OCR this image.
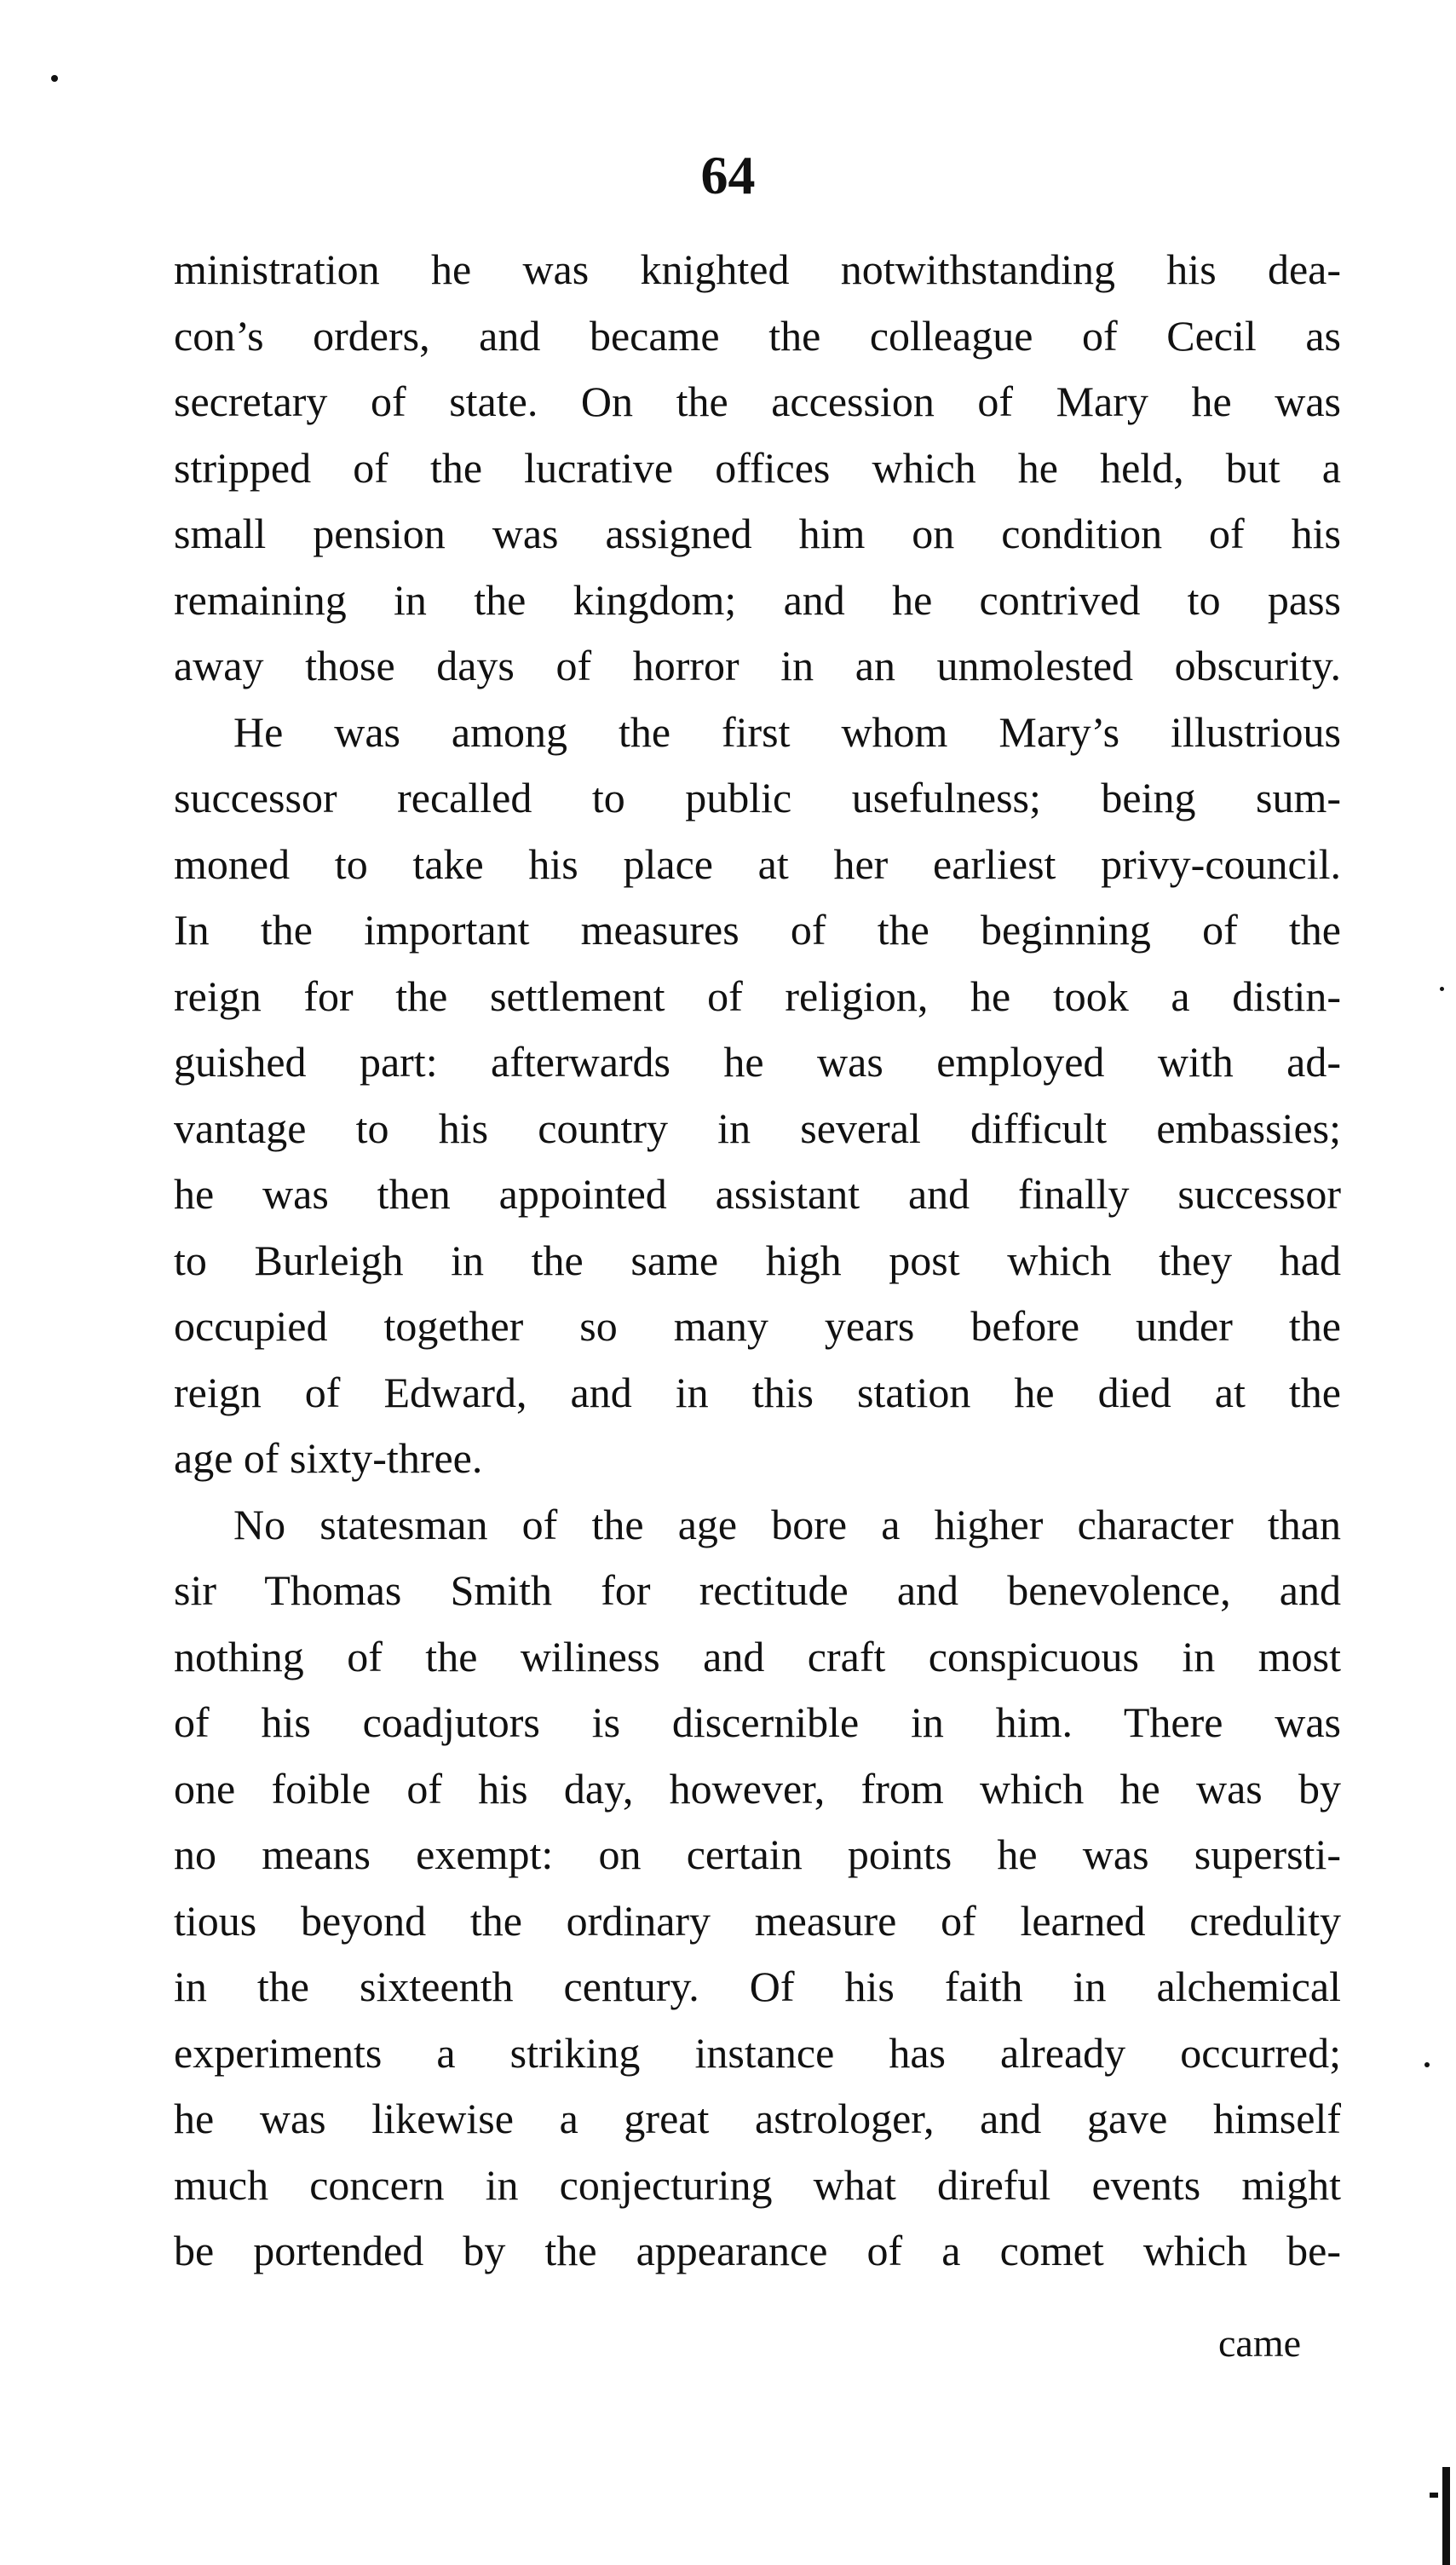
64
ministration he was knighted notwithstanding his dea-
con’s orders, and became the colleague of Cecil as
secretary of state. On the accession of Mary he was
stripped of the lucrative offices which he held, but a
small pension was assigned him on condition of his
remaining in the kingdom; and he contrived to pass
away those days of horror in an unmolested obscurity.
He was among the first whom Mary’s illustrious
successor recalled to public usefulness; being sum-
moned to take his place at her earliest privy-council.
In the important measures of the beginning of the
reign for the settlement of religion, he took a distin-
guished part: afterwards he was employed with ad-
vantage to his country in several difficult embassies;
he was then appointed assistant and finally successor
to Burleigh in the same high post which they had
occupied together so many years before under the
reign of Edward, and in this station he died at the
age of sixty-three.
No statesman of the age bore a higher character than
sir Thomas Smith for rectitude and benevolence, and
nothing of the wiliness and craft conspicuous in most
of his coadjutors is discernible in him. There was
one foible of his day, however, from which he was by
no means exempt: on certain points he was supersti-
tious beyond the ordinary measure of learned credulity
in the sixteenth century. Of his faith in alchemical
experiments a striking instance has already occurred;
he was likewise a great astrologer, and gave himself
much concern in conjecturing what direful events might
be portended by the appearance of a comet which be-
came
